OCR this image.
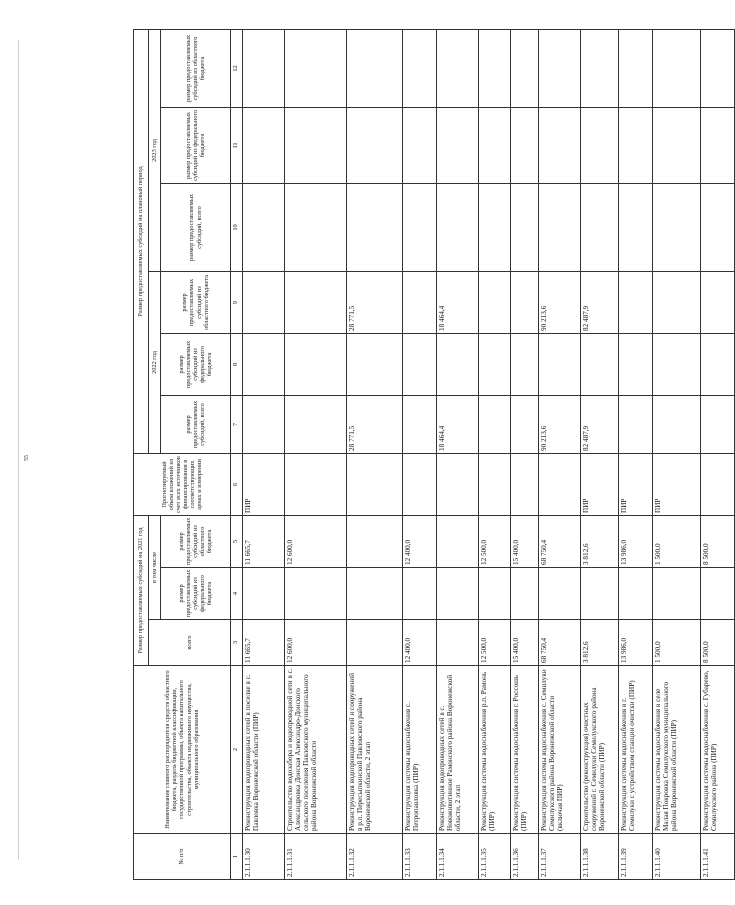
55
№ п/п	Наименование главного распорядителя средств областного бюджета, раздела бюджетной классификации, государственной программы, объекта капитального строительства, объекта недвижимого имущества, муниципального образования	Размер предоставляемых субсидий на 2021 год			Прогнозируемый объем вложений из счет всех источников финансирования в соответствующих ценах и измерении	Размер предоставляемых субсидий на плановый период					
		всего	в том числе			2022 год			2023 год		
			размер предоставляемых субсидий из федерального бюджета	размер предоставляемых субсидий из областного бюджета		размер предоставляемых субсидий, всего	размер предоставляемых субсидий из федерального бюджета	размер предоставляемых субсидий из областного бюджета	размер предоставляемых субсидий, всего	размер предоставляемых субсидий из федерального бюджета	размер предоставляемых субсидий из областного бюджета

1	2	3	4	5	6	7	8	9	10	11	12
2.1.1.1.30	Реконструкция водопроводных сетей в поселке в с. Павловка Воронежской области (ПИР)	11 665,7		11 665,7	ПИР						
2.1.1.1.31	Строительство водозабора и водопроводной сети в с. Александровка Донская Александро-Донского сельского поселения Павловского муниципального района Воронежской области	12 600,0		12 600,0							
2.1.1.1.32	Реконструкция водопроводных сетей и сооружений в р.п. Пересыпкинской Павловского района Воронежской области, 2 этап					28 771,5		28 771,5			
2.1.1.1.33	Реконструкция системы водоснабжения с. Петропавловка (ПИР)	12 400,0		12 400,0							
2.1.1.1.34	Реконструкция водопроводных сетей в с. Новоживотинное Рамонского района Воронежской области, 2 этап					18 464,4		18 464,4			
2.1.1.1.35	Реконструкция системы водоснабжения р.п. Рамонь (ПИР)	12 500,0		12 500,0							
2.1.1.1.36	Реконструкция системы водоснабжения г. Россошь (ПИР)	15 400,0		15 400,0							
2.1.1.1.37	Реконструкция системы водоснабжения с. Семилуки Семилукского района Воронежской области (включая ПИР)	68 750,4		68 750,4		90 213,6		90 213,6			
2.1.1.1.38	Строительство (реконструкция) очистных сооружений г. Семилуки Семилукского района Воронежской области (ПИР)	3 812,6		3 812,6	ПИР	82 487,9		82 487,9			
2.1.1.1.39	Реконструкция системы водоснабжения в г. Семилуки с устройством станции очистки (ПИР)	13 986,0		13 986,0	ПИР						
2.1.1.1.40	Реконструкция системы водоснабжения в селе Малая Покровка Семилукского муниципального района Воронежской области (ПИР)	1 500,0		1 500,0	ПИР						
2.1.1.1.41	Реконструкция системы водоснабжения с. Губарево, Семилукского района (ПИР)	8 500,0		8 500,0							
